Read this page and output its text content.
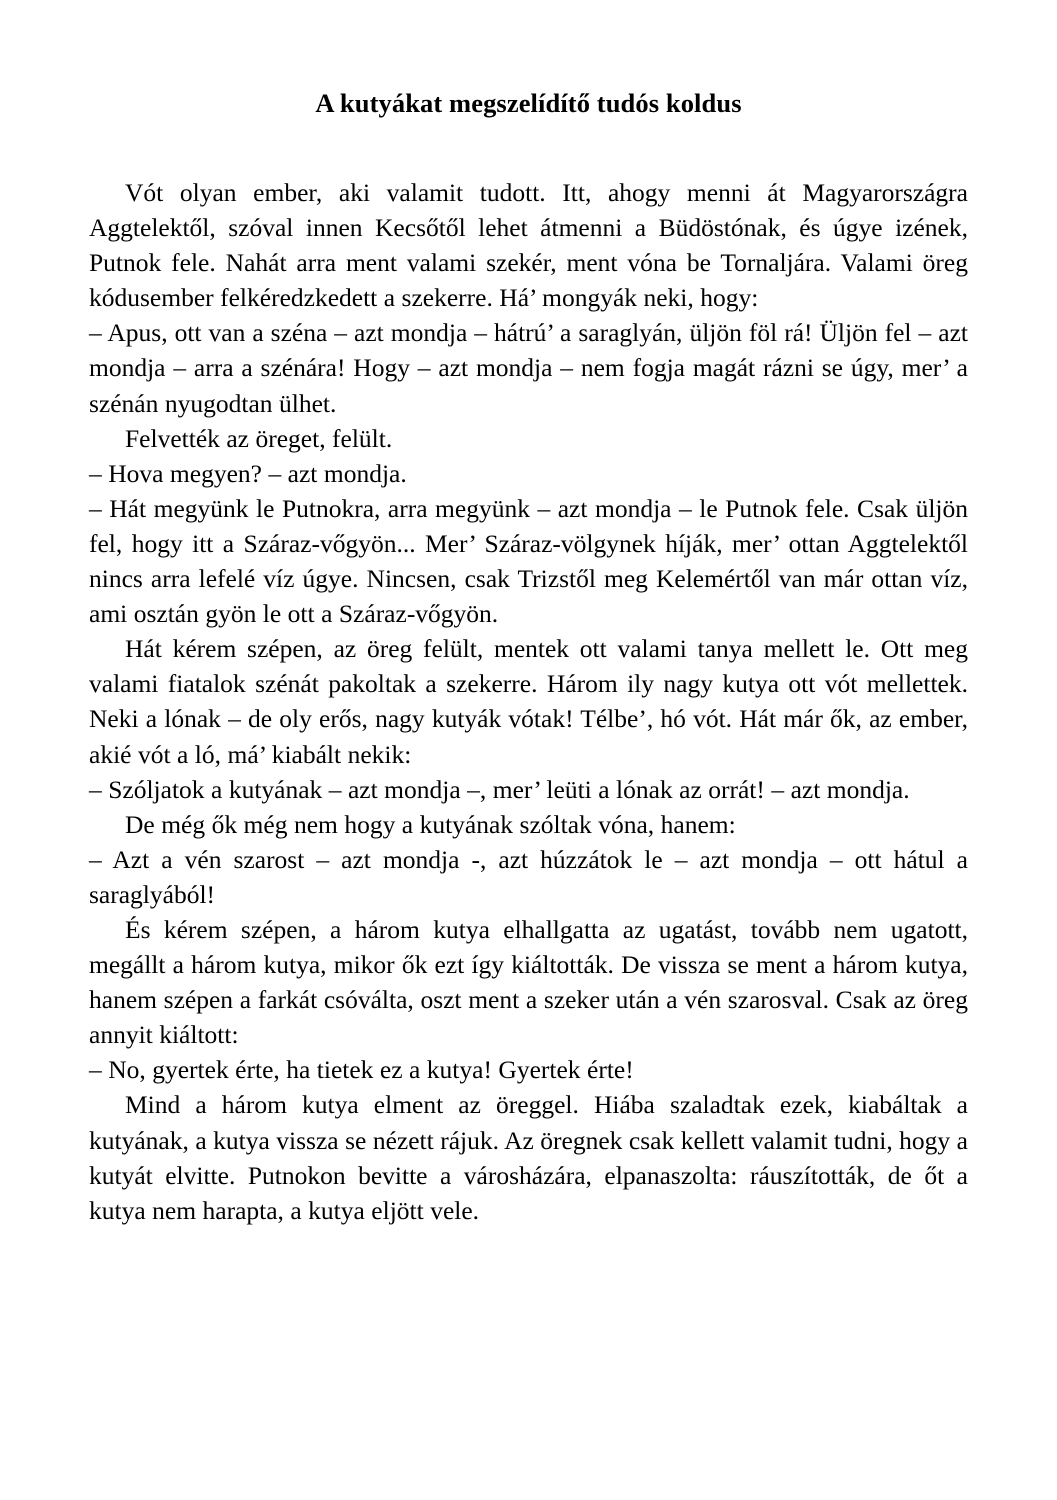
A kutyákat megszelídítő tudós koldus

Vót olyan ember, aki valamit tudott. Itt, ahogy menni át Magyarországra Aggtelektől, szóval innen Kecsőtől lehet átmenni a Büdöstónak, és úgye izének, Putnok fele. Nahát arra ment valami szekér, ment vóna be Tornaljára. Valami öreg kódusember felkéredzkedett a szekerre. Há’ mongyák neki, hogy:

– Apus, ott van a széna – azt mondja – hátrú’ a saraglyán, üljön föl rá! Üljön fel – azt mondja – arra a szénára! Hogy – azt mondja – nem fogja magát rázni se úgy, mer’ a szénán nyugodtan ülhet.

Felvették az öreget, felült.

– Hova megyen? – azt mondja.

– Hát megyünk le Putnokra, arra megyünk – azt mondja – le Putnok fele. Csak üljön fel, hogy itt a Száraz-vőgyön... Mer’ Száraz-völgynek híják, mer’ ottan Aggtelektől nincs arra lefelé víz úgye. Nincsen, csak Trizstől meg Kelemértől van már ottan víz, ami osztán gyön le ott a Száraz-vőgyön.

Hát kérem szépen, az öreg felült, mentek ott valami tanya mellett le. Ott meg valami fiatalok szénát pakoltak a szekerre. Három ily nagy kutya ott vót mellettek. Neki a lónak – de oly erős, nagy kutyák vótak! Télbe’, hó vót. Hát már ők, az ember, akié vót a ló, má’ kiabált nekik:

– Szóljatok a kutyának – azt mondja –, mer’ leüti a lónak az orrát! – azt mondja.

De még ők még nem hogy a kutyának szóltak vóna, hanem:

– Azt a vén szarost – azt mondja -, azt húzzátok le – azt mondja – ott hátul a saraglyából!

És kérem szépen, a három kutya elhallgatta az ugatást, tovább nem ugatott, megállt a három kutya, mikor ők ezt így kiáltották. De vissza se ment a három kutya, hanem szépen a farkát csóválta, oszt ment a szeker után a vén szarosval. Csak az öreg annyit kiáltott:

– No, gyertek érte, ha tietek ez a kutya! Gyertek érte!

Mind a három kutya elment az öreggel. Hiába szaladtak ezek, kiabáltak a kutyának, a kutya vissza se nézett rájuk. Az öregnek csak kellett valamit tudni, hogy a kutyát elvitte. Putnokon bevitte a városházára, elpanaszolta: ráuszították, de őt a kutya nem harapta, a kutya eljött vele.
